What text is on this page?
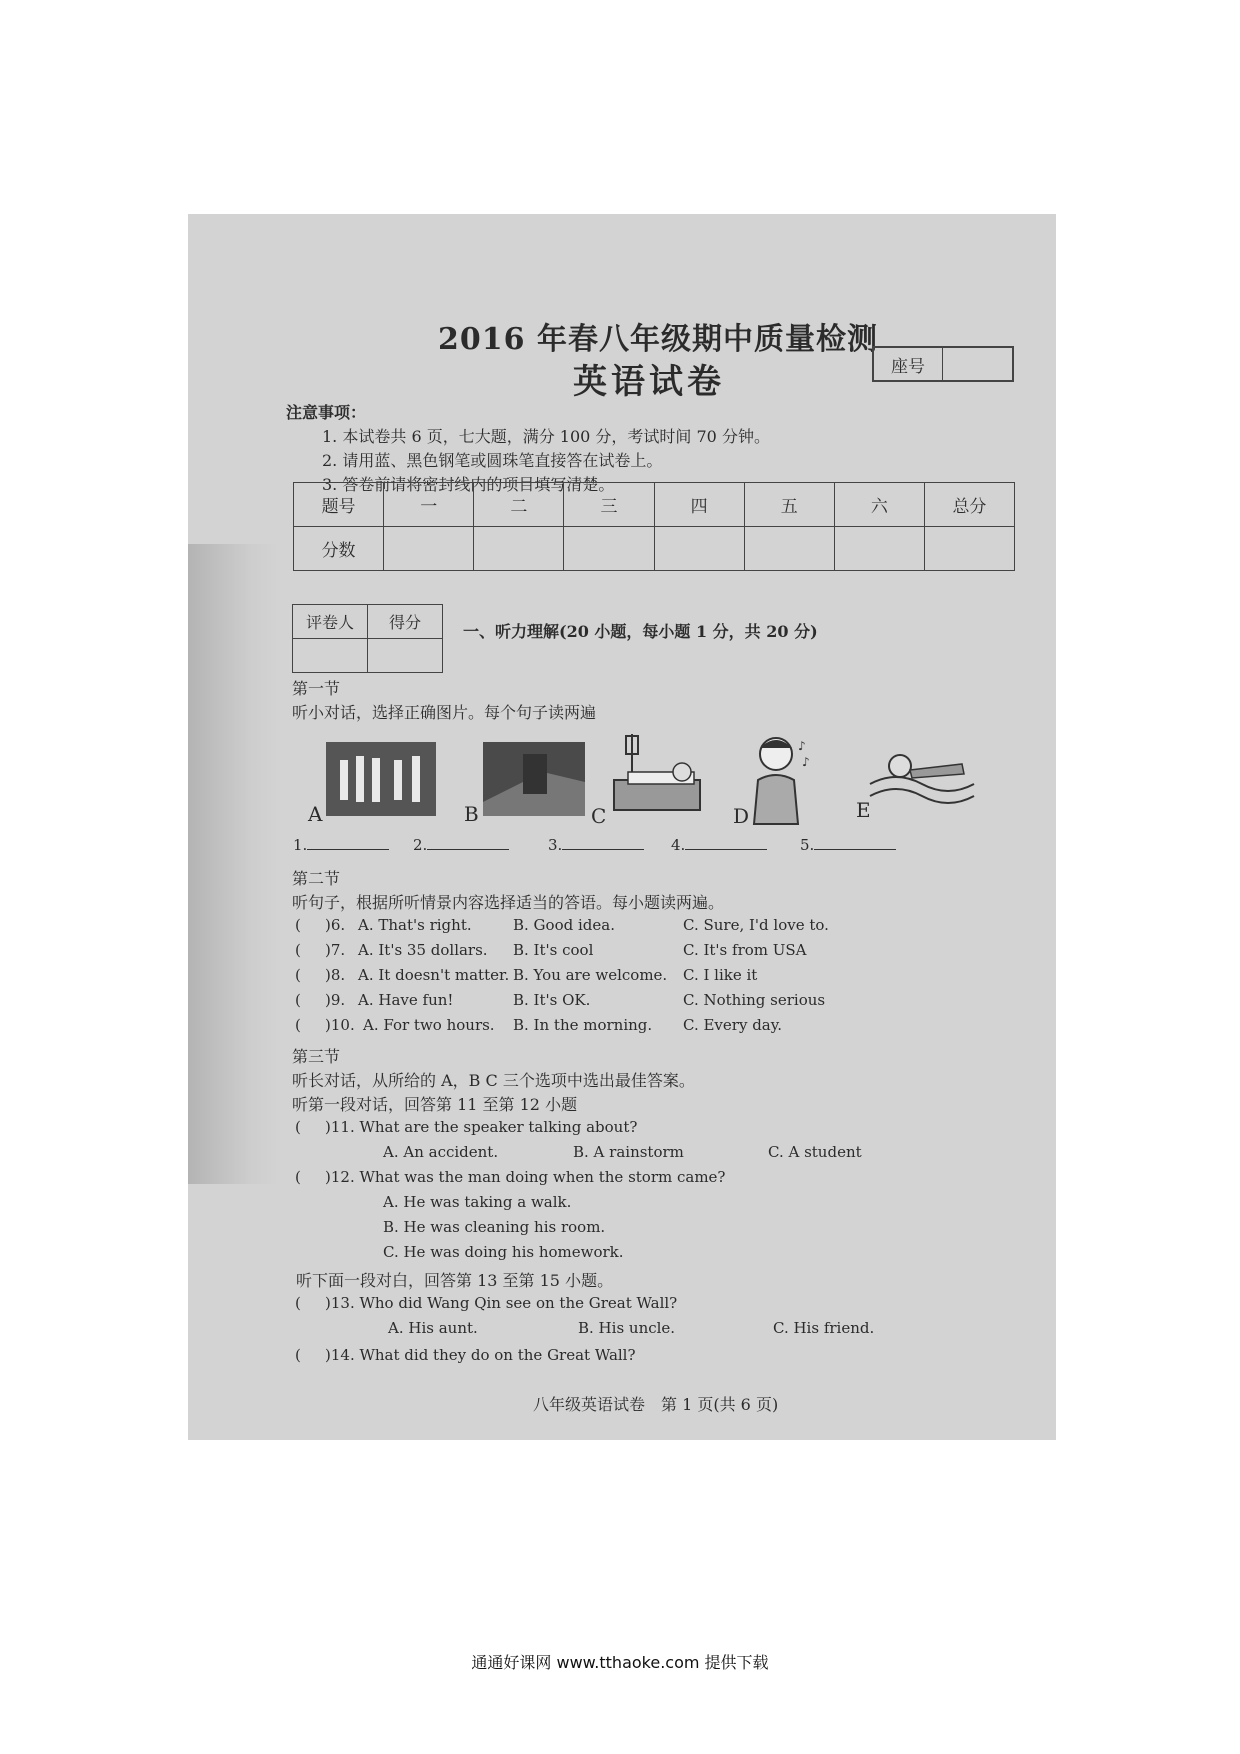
2016 年春八年级期中质量检测
英语试卷	座号
注意事项：
1. 本试卷共 6 页，七大题，满分 100 分，考试时间 70 分钟。
2. 请用蓝、黑色钢笔或圆珠笔直接答在试卷上。
3. 答卷前请将密封线内的项目填写清楚。
题号	一	二	三	四	五	六	总分
分数							
评卷人	得分
		一、听力理解(20 小题，每小题 1 分，共 20 分)
第一节
听小对话，选择正确图片。每个句子读两遍
A	B	C
♪
♪
D	E
1.	2.	3.	4.	5.
第二节
听句子，根据所听情景内容选择适当的答语。每小题读两遍。
( )6. A. That's right.	B. Good idea.	C. Sure, I'd love to.
( )7. A. It's 35 dollars. B. It's cool	C. It's from USA
( )8. A. It doesn't matter. B. You are welcome. C. I like it
( )9. A. Have fun!	B. It's OK.	C. Nothing serious
( )10. A. For two hours. B. In the morning. C. Every day.
第三节
听长对话，从所给的 A，B C 三个选项中选出最佳答案。
听第一段对话，回答第 11 至第 12 小题
( )11. What are the speaker talking about?
A. An accident.	B. A rainstorm	C. A student
( )12. What was the man doing when the storm came?
A. He was taking a walk.
B. He was cleaning his room.
C. He was doing his homework.
听下面一段对白，回答第 13 至第 15 小题。
( )13. Who did Wang Qin see on the Great Wall?
A. His aunt.	B. His uncle.	C. His friend.
( )14. What did they do on the Great Wall?
八年级英语试卷　第 1 页(共 6 页)
通通好课网 www.tthaoke.com 提供下载
